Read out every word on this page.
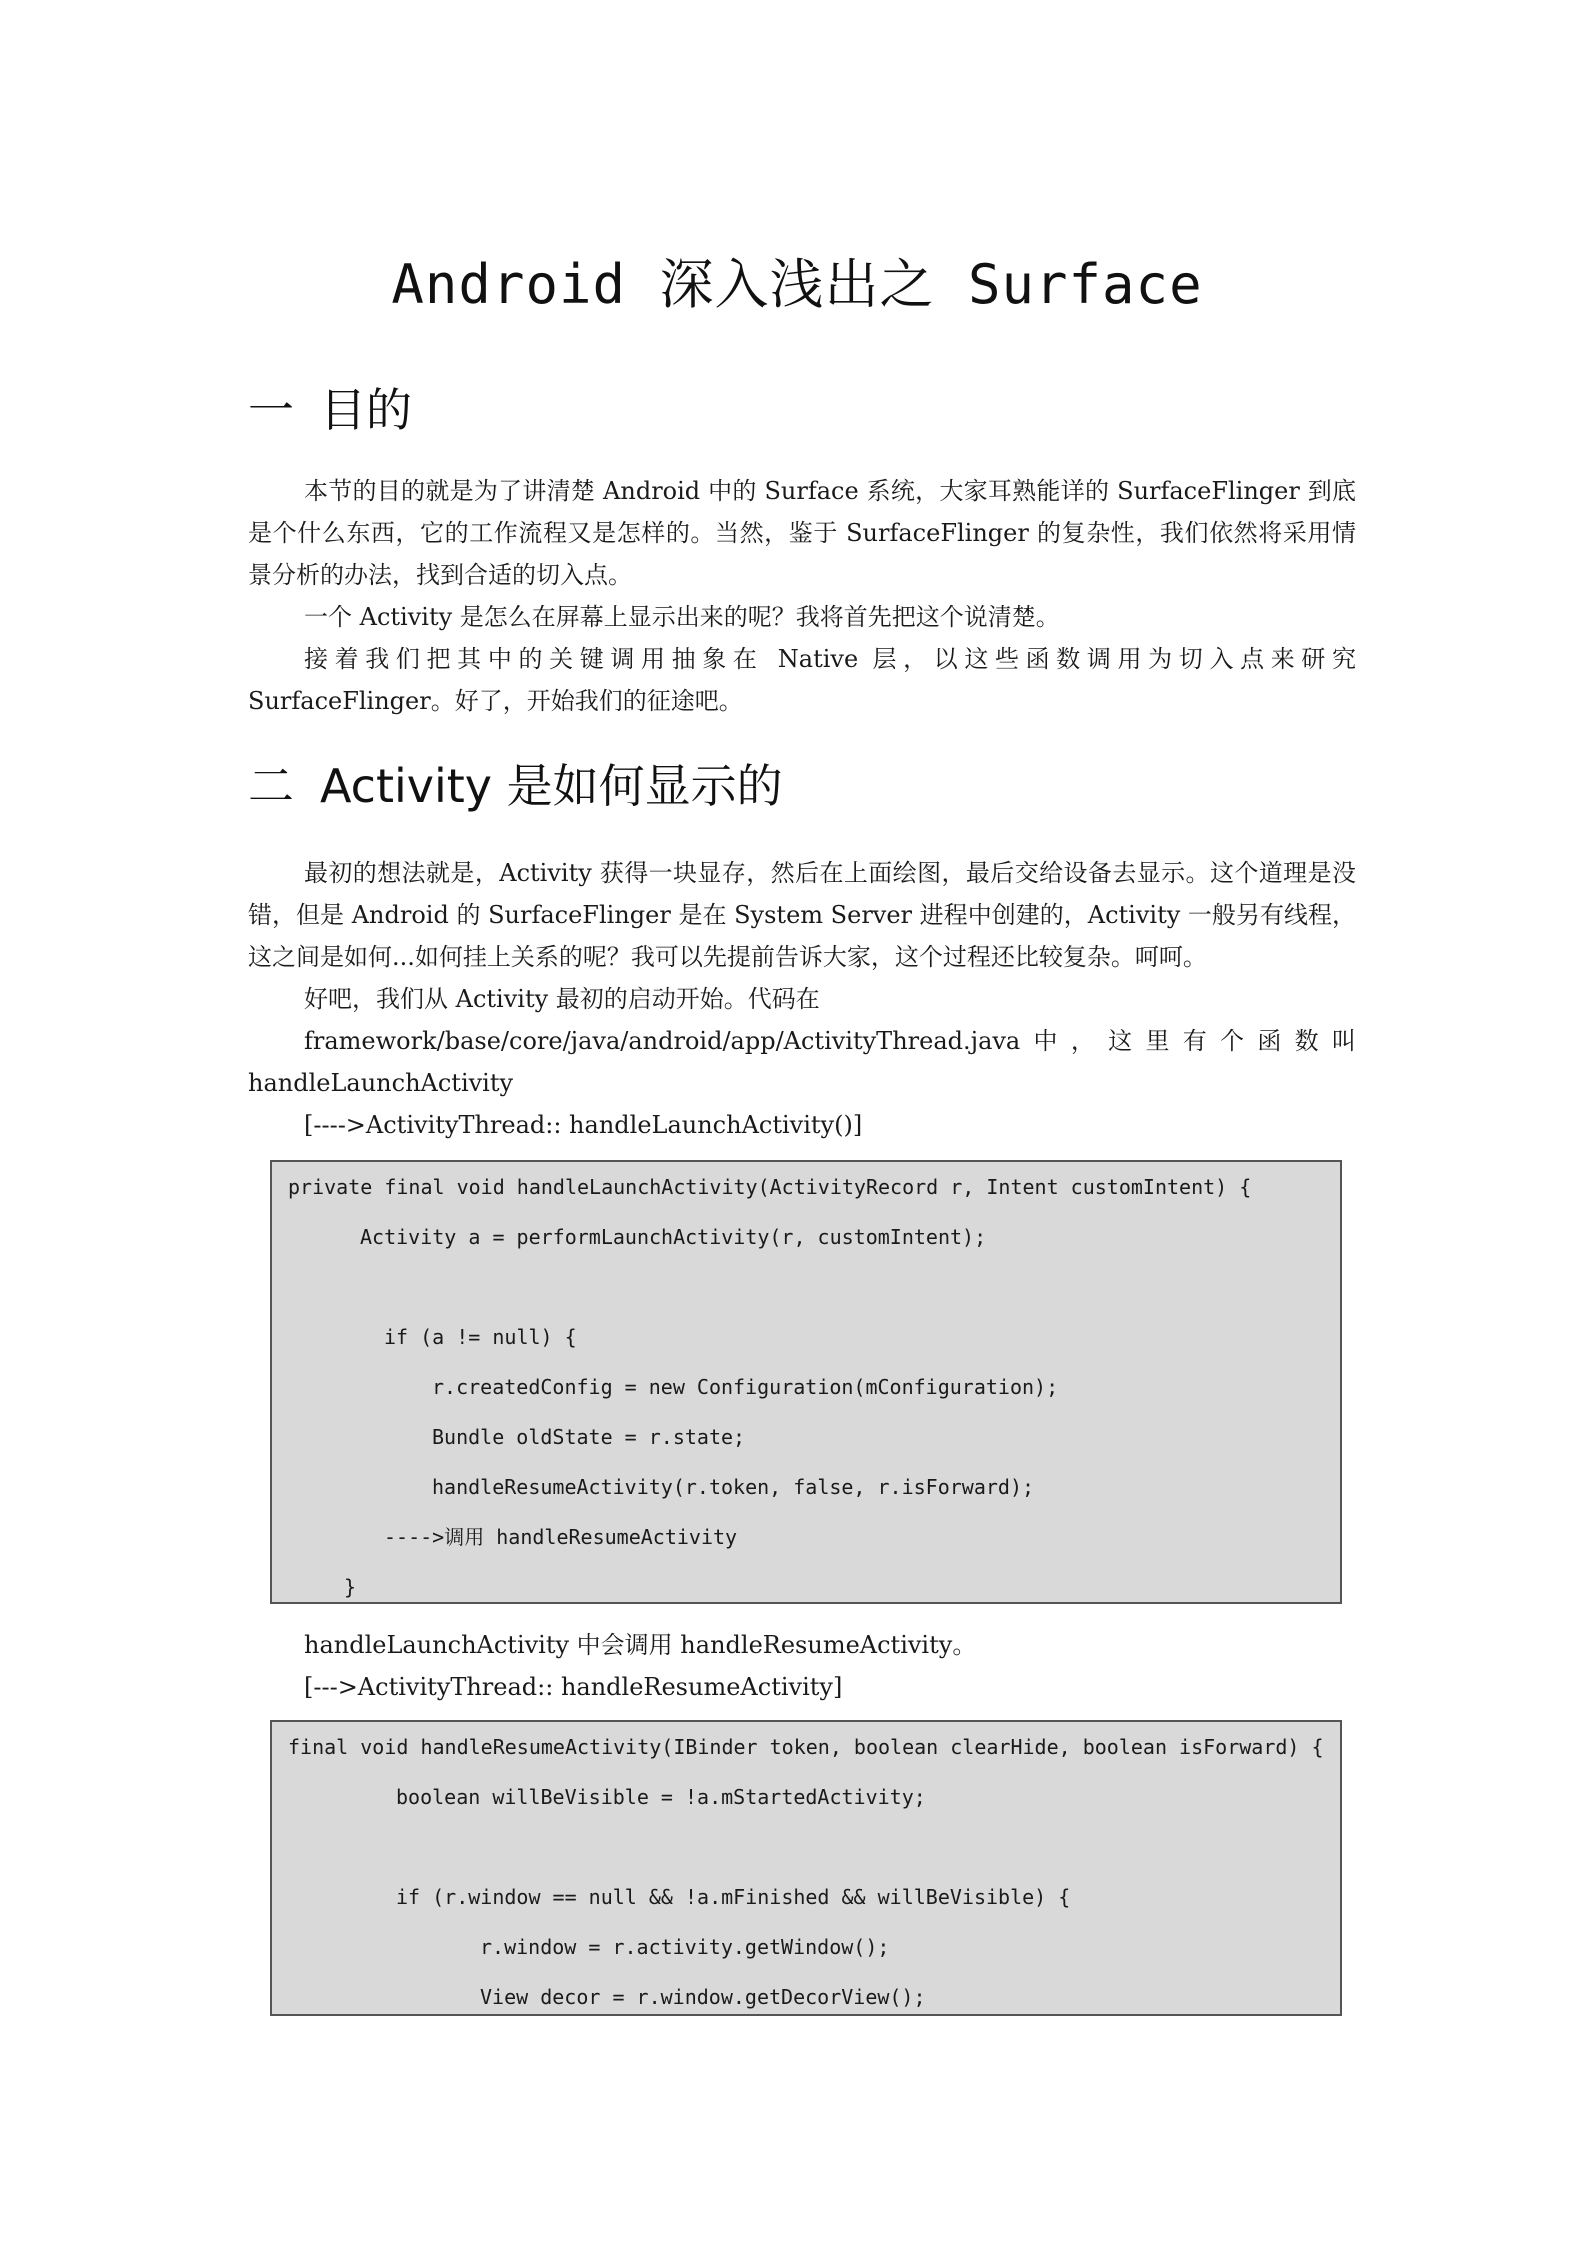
Android 深入浅出之 Surface
一 目的

本节的目的就是为了讲清楚 Android 中的 Surface 系统，大家耳熟能详的 SurfaceFlinger 到底是个什么东西，它的工作流程又是怎样的。当然，鉴于 SurfaceFlinger 的复杂性，我们依然将采用情景分析的办法，找到合适的切入点。

一个 Activity 是怎么在屏幕上显示出来的呢？我将首先把这个说清楚。

接着我们把其中的关键调用抽象在 Native 层，以这些函数调用为切入点来研究 SurfaceFlinger。好了，开始我们的征途吧。

二 Activity 是如何显示的

最初的想法就是，Activity 获得一块显存，然后在上面绘图，最后交给设备去显示。这个道理是没错，但是 Android 的 SurfaceFlinger 是在 System Server 进程中创建的，Activity 一般另有线程，这之间是如何...如何挂上关系的呢？我可以先提前告诉大家，这个过程还比较复杂。呵呵。

好吧，我们从 Activity 最初的启动开始。代码在

framework/base/core/java/android/app/ActivityThread.java 中 ， 这 里 有 个 函 数 叫
handleLaunchActivity
[---->ActivityThread:: handleLaunchActivity()]
private final void handleLaunchActivity(ActivityRecord r, Intent customIntent) {
Activity a = performLaunchActivity(r, customIntent);
if (a != null) {
r.createdConfig = new Configuration(mConfiguration);
Bundle oldState = r.state;
handleResumeActivity(r.token, false, r.isForward);
---->调用 handleResumeActivity
}
handleLaunchActivity 中会调用 handleResumeActivity。
[--->ActivityThread:: handleResumeActivity]
final void handleResumeActivity(IBinder token, boolean clearHide, boolean isForward) {
boolean willBeVisible = !a.mStartedActivity;
if (r.window == null && !a.mFinished && willBeVisible) {
r.window = r.activity.getWindow();
View decor = r.window.getDecorView();
